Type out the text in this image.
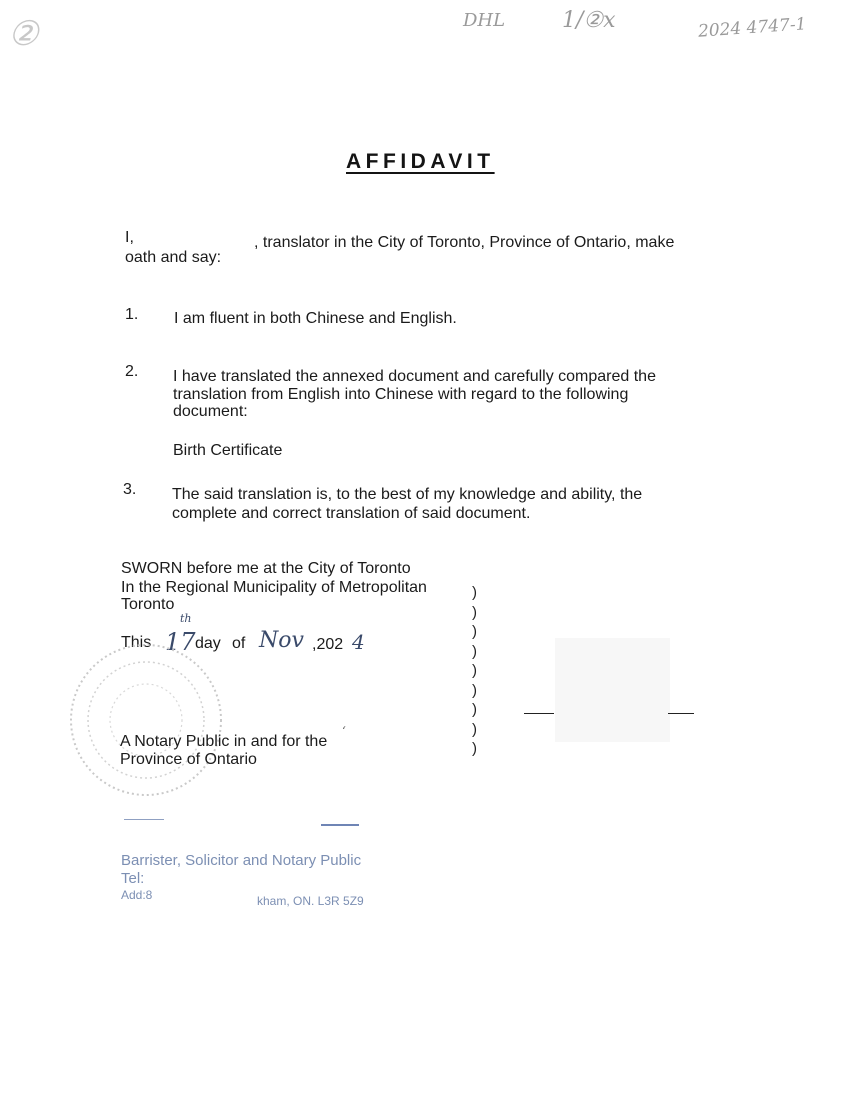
②	DHL	1/②x	2024 4747-1
AFFIDAVIT
I,	, translator in the City of Toronto, Province of Ontario, make
oath and say:
1. I am fluent in both Chinese and English.
2. I have translated the annexed document and carefully compared the
translation from English into Chinese with regard to the following
document:
Birth Certificate
3. The said translation is, to the best of my knowledge and ability, the
complete and correct translation of said document.
SWORN before me at the City of Toronto
In the Regional Municipality of Metropolitan
Toronto
This 17
th
day of Nov ,202 4
)
)
)
)
)
)
)
)
)
A Notary Public in and for the
‘
Province of Ontario
Barrister, Solicitor and Notary Public
Tel:
Add:8	kham, ON. L3R 5Z9
